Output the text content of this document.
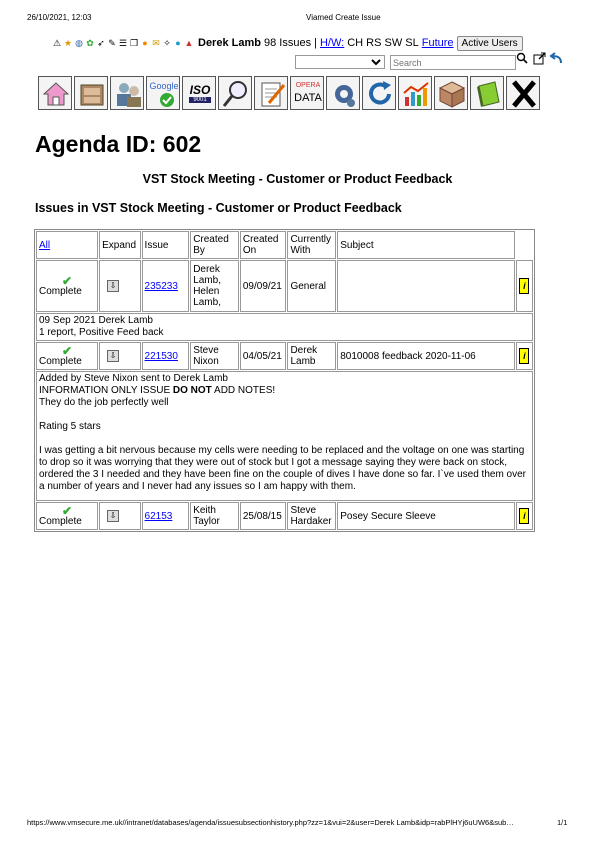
26/10/2021, 12:03	Viamed Create Issue
⚠ ★ ◍ ✿ ➶ ✎ ☰ ❐ ● ✉ ✧ ● ▲ Derek Lamb 98 Issues | H/W: CH RS SW SL Future Active Users
Search
Google ISO
9001
OPERA
DATA
Agenda ID: 602
VST Stock Meeting - Customer or Product Feedback
Issues in VST Stock Meeting - Customer or Product Feedback
All	Expand	Issue	Created By	Created On	Currently With	Subject	

✔
Complete	⇩	235233	Derek Lamb, Helen Lamb,	09/09/21	General		i

09 Sep 2021 Derek Lamb
1 report, Positive Feed back							

✔
Complete	⇩	221530	Steve Nixon	04/05/21	Derek Lamb	8010008 feedback 2020-11-06	i

Added by Steve Nixon sent to Derek Lamb
INFORMATION ONLY ISSUE DO NOT ADD NOTES!
They do the job perfectly well
Rating 5 stars
I was getting a bit nervous because my cells were needing to be replaced and the voltage on one was starting to drop so it was worrying that they were out of stock but I got a message saying they were back on stock, ordered the 3 I needed and they have been fine on the couple of dives I have done so far. I`ve used them over a number of years and I never had any issues so I am happy with them.							

✔
Complete	⇩	62153	Keith Taylor	25/08/15	Steve Hardaker	Posey Secure Sleeve	i
https://www.vmsecure.me.uk//intranet/databases/agenda/issuesubsectionhistory.php?zz=1&vui=2&user=Derek Lamb&idp=rabPlHYj6uUW6&sub…	1/1
